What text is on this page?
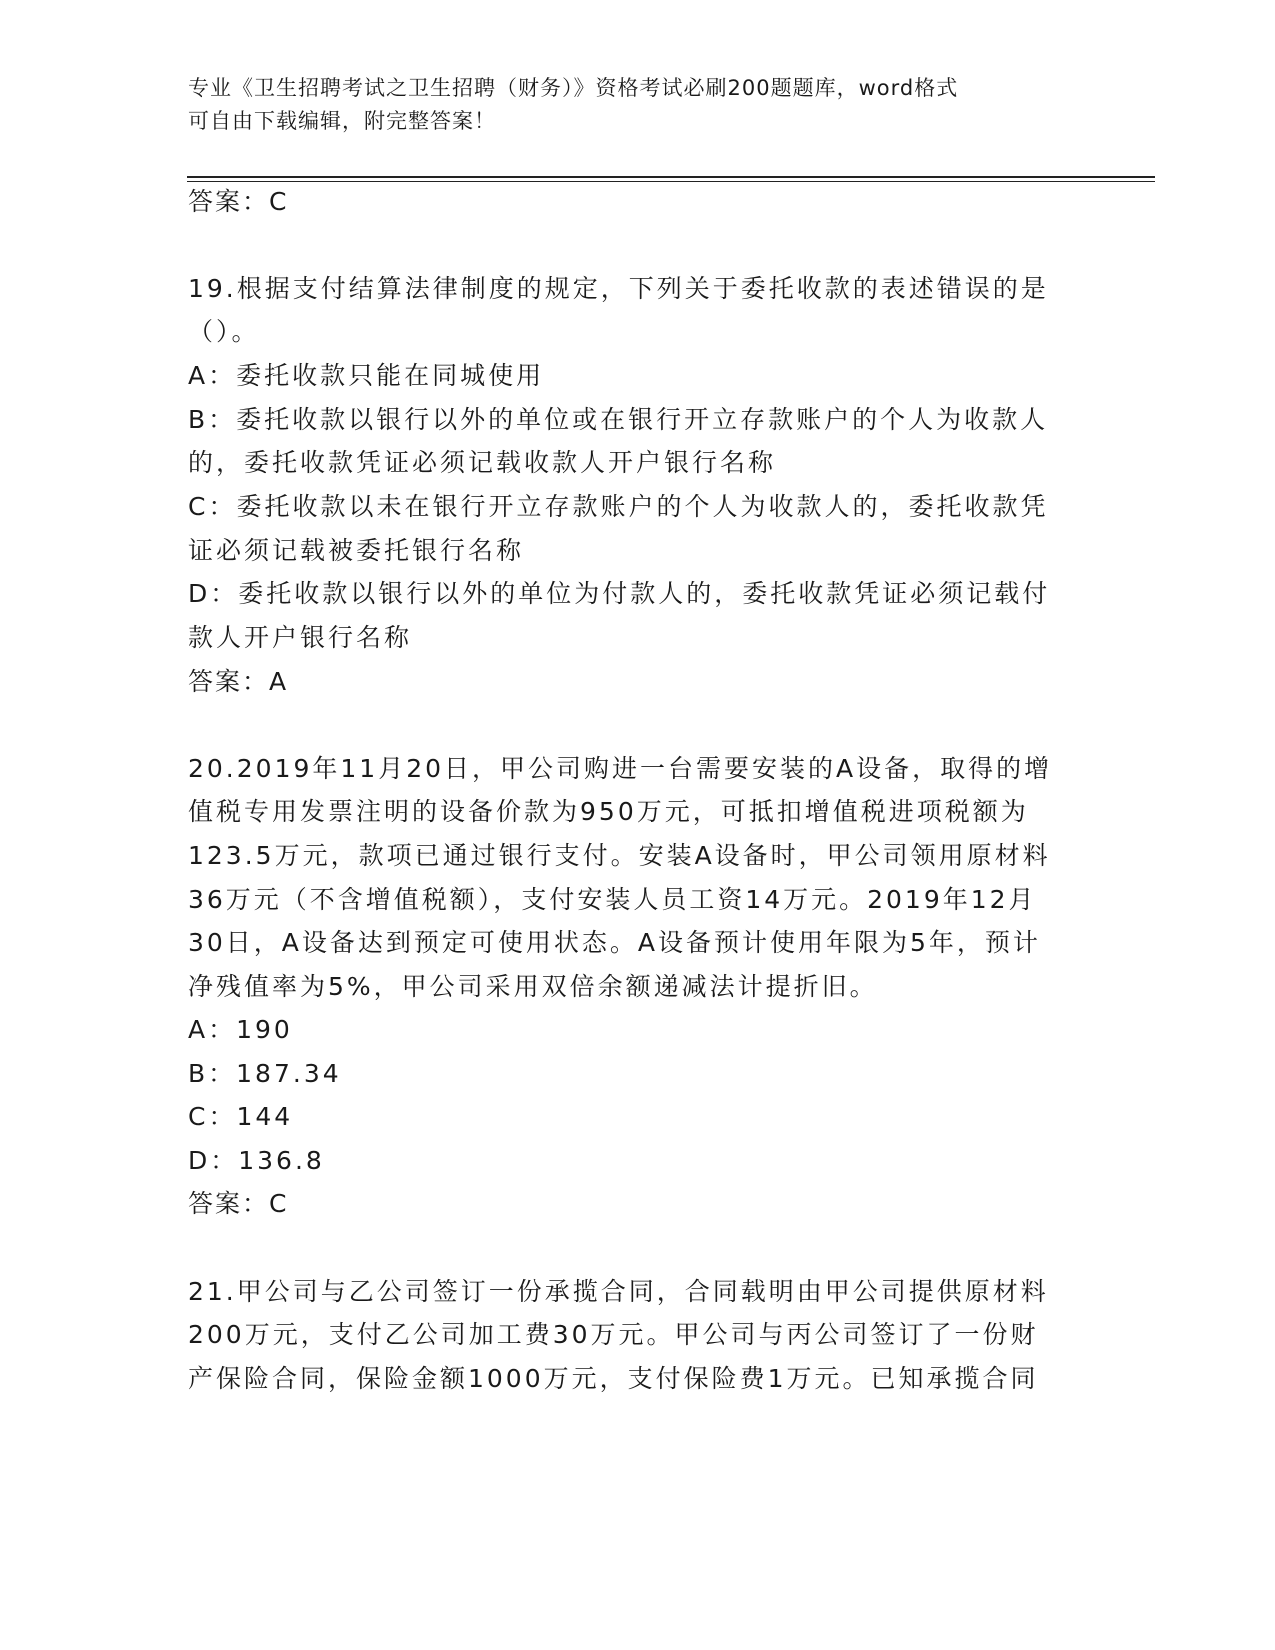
专业《卫生招聘考试之卫生招聘（财务）》资格考试必刷200题题库，word格式
可自由下载编辑，附完整答案！
答案：C
19.根据支付结算法律制度的规定，下列关于委托收款的表述错误的是
（）。
A：委托收款只能在同城使用
B：委托收款以银行以外的单位或在银行开立存款账户的个人为收款人
的，委托收款凭证必须记载收款人开户银行名称
C：委托收款以未在银行开立存款账户的个人为收款人的，委托收款凭
证必须记载被委托银行名称
D：委托收款以银行以外的单位为付款人的，委托收款凭证必须记载付
款人开户银行名称
答案：A
20.2019年11月20日，甲公司购进一台需要安装的A设备，取得的增
值税专用发票注明的设备价款为950万元，可抵扣增值税进项税额为
123.5万元，款项已通过银行支付。安装A设备时，甲公司领用原材料
36万元（不含增值税额），支付安装人员工资14万元。2019年12月
30日，A设备达到预定可使用状态。A设备预计使用年限为5年，预计
净残值率为5%，甲公司采用双倍余额递减法计提折旧。
A：190
B：187.34
C：144
D：136.8
答案：C
21.甲公司与乙公司签订一份承揽合同，合同载明由甲公司提供原材料
200万元，支付乙公司加工费30万元。甲公司与丙公司签订了一份财
产保险合同，保险金额1000万元，支付保险费1万元。已知承揽合同
